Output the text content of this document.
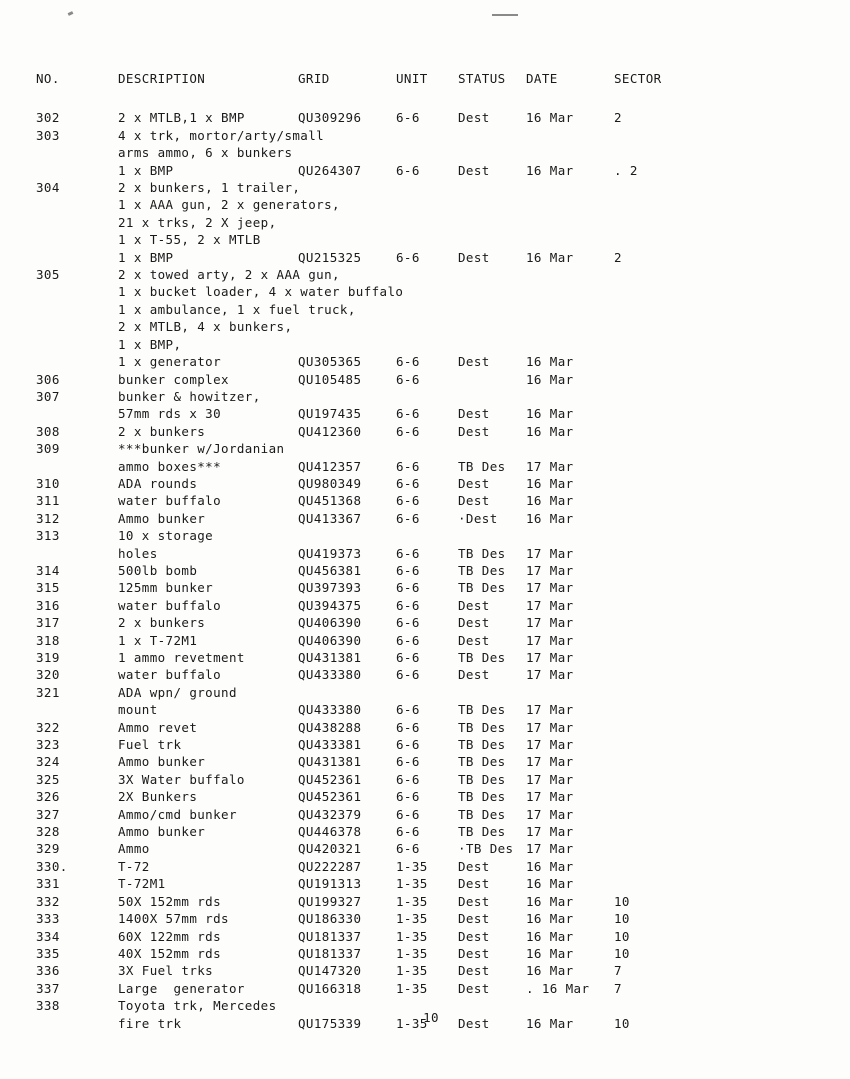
NO.	DESCRIPTION	GRID	UNIT	STATUS	DATE	SECTOR
302	2 x MTLB,1 x BMP	QU309296	6-6	Dest	16 Mar	2
303	4 x trk, mortor/arty/small					
	arms ammo, 6 x bunkers					
	1 x BMP	QU264307	6-6	Dest	16 Mar	. 2
304	2 x bunkers, 1 trailer,					
	1 x AAA gun, 2 x generators,					
	21 x trks, 2 X jeep,					
	1 x T-55, 2 x MTLB					
	1 x BMP	QU215325	6-6	Dest	16 Mar	2
305	2 x towed arty, 2 x AAA gun,					
	1 x bucket loader, 4 x water buffalo					
	1 x ambulance, 1 x fuel truck,					
	2 x MTLB, 4 x bunkers,					
	1 x BMP,					
	1 x generator	QU305365	6-6	Dest	16 Mar	
306	bunker complex	QU105485	6-6		16 Mar	
307	bunker & howitzer,					
	57mm rds x 30	QU197435	6-6	Dest	16 Mar	
308	2 x bunkers	QU412360	6-6	Dest	16 Mar	
309	***bunker w/Jordanian					
	ammo boxes***	QU412357	6-6	TB Des	17 Mar	
310	ADA rounds	QU980349	6-6	Dest	16 Mar	
311	water buffalo	QU451368	6-6	Dest	16 Mar	
312	Ammo bunker	QU413367	6-6	·Dest	16 Mar	
313	10 x storage					
	holes	QU419373	6-6	TB Des	17 Mar	
314	500lb bomb	QU456381	6-6	TB Des	17 Mar	
315	125mm bunker	QU397393	6-6	TB Des	17 Mar	
316	water buffalo	QU394375	6-6	Dest	17 Mar	
317	2 x bunkers	QU406390	6-6	Dest	17 Mar	
318	1 x T-72M1	QU406390	6-6	Dest	17 Mar	
319	1 ammo revetment	QU431381	6-6	TB Des	17 Mar	
320	water buffalo	QU433380	6-6	Dest	17 Mar	
321	ADA wpn/ ground					
	mount	QU433380	6-6	TB Des	17 Mar	
322	Ammo revet	QU438288	6-6	TB Des	17 Mar	
323	Fuel trk	QU433381	6-6	TB Des	17 Mar	
324	Ammo bunker	QU431381	6-6	TB Des	17 Mar	
325	3X Water buffalo	QU452361	6-6	TB Des	17 Mar	
326	2X Bunkers	QU452361	6-6	TB Des	17 Mar	
327	Ammo/cmd bunker	QU432379	6-6	TB Des	17 Mar	
328	Ammo bunker	QU446378	6-6	TB Des	17 Mar	
329	Ammo	QU420321	6-6	·TB Des	17 Mar	
330.	T-72	QU222287	1-35	Dest	16 Mar	
331	T-72M1	QU191313	1-35	Dest	16 Mar	
332	50X 152mm rds	QU199327	1-35	Dest	16 Mar	10
333	1400X 57mm rds	QU186330	1-35	Dest	16 Mar	10
334	60X 122mm rds	QU181337	1-35	Dest	16 Mar	10
335	40X 152mm rds	QU181337	1-35	Dest	16 Mar	10
336	3X Fuel trks	QU147320	1-35	Dest	16 Mar	7
337	Large  generator	QU166318	1-35	Dest	. 16 Mar	7
338	Toyota trk, Mercedes					
	fire trk	QU175339	1-35	Dest	16 Mar	10
10
